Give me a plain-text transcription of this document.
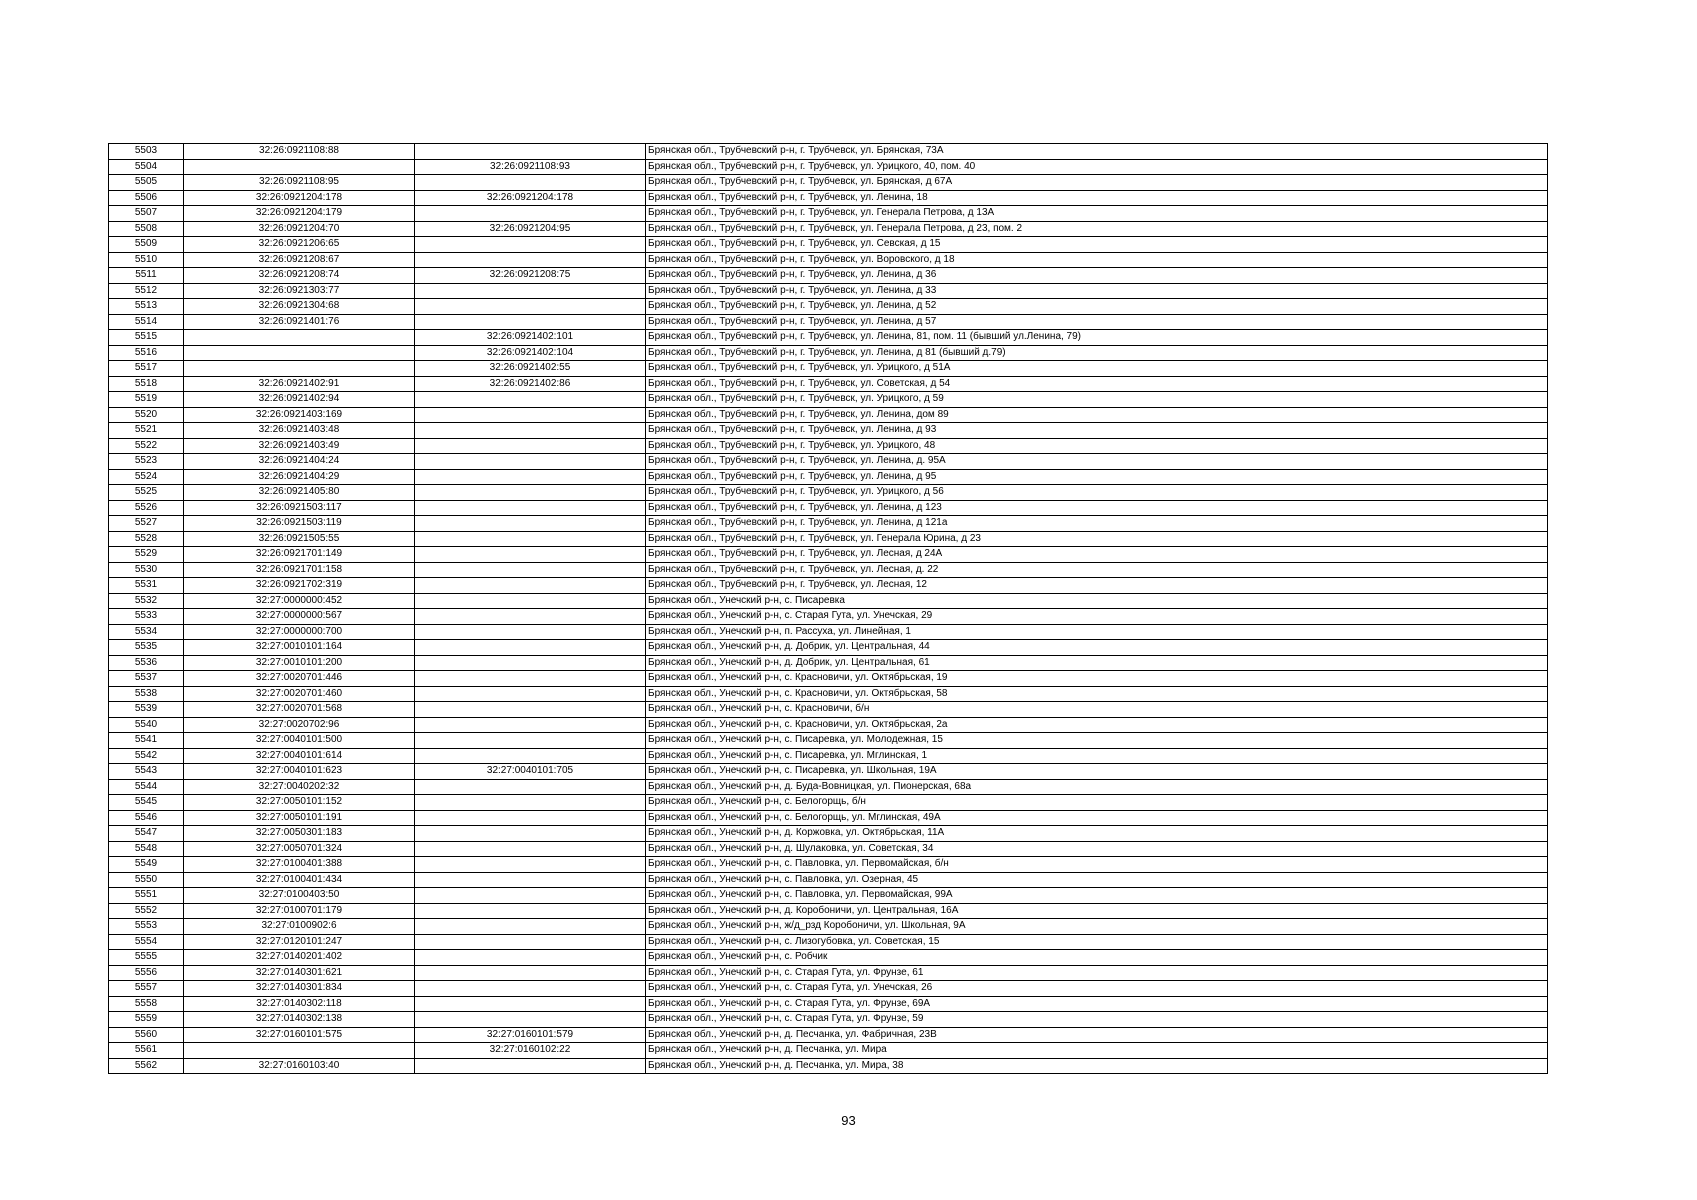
5503	32:26:0921108:88		Брянская обл., Трубчевский р-н, г. Трубчевск, ул. Брянская, 73А
5504		32:26:0921108:93	Брянская обл., Трубчевский р-н, г. Трубчевск, ул. Урицкого, 40, пом. 40
5505	32:26:0921108:95		Брянская обл., Трубчевский р-н, г. Трубчевск, ул. Брянская, д 67А
5506	32:26:0921204:178	32:26:0921204:178	Брянская обл., Трубчевский р-н, г. Трубчевск, ул. Ленина, 18
5507	32:26:0921204:179		Брянская обл., Трубчевский р-н, г. Трубчевск, ул. Генерала Петрова, д 13А
5508	32:26:0921204:70	32:26:0921204:95	Брянская обл., Трубчевский р-н, г. Трубчевск, ул. Генерала Петрова, д 23, пом. 2
5509	32:26:0921206:65		Брянская обл., Трубчевский р-н, г. Трубчевск, ул. Севская, д 15
5510	32:26:0921208:67		Брянская обл., Трубчевский р-н, г. Трубчевск, ул. Воровского, д 18
5511	32:26:0921208:74	32:26:0921208:75	Брянская обл., Трубчевский р-н, г. Трубчевск, ул. Ленина, д 36
5512	32:26:0921303:77		Брянская обл., Трубчевский р-н, г. Трубчевск, ул. Ленина, д 33
5513	32:26:0921304:68		Брянская обл., Трубчевский р-н, г. Трубчевск, ул. Ленина, д 52
5514	32:26:0921401:76		Брянская обл., Трубчевский р-н, г. Трубчевск, ул. Ленина, д 57
5515		32:26:0921402:101	Брянская обл., Трубчевский р-н, г. Трубчевск, ул. Ленина, 81, пом. 11 (бывший ул.Ленина, 79)
5516		32:26:0921402:104	Брянская обл., Трубчевский р-н, г. Трубчевск, ул. Ленина, д 81 (бывший д.79)
5517		32:26:0921402:55	Брянская обл., Трубчевский р-н, г. Трубчевск, ул. Урицкого, д 51А
5518	32:26:0921402:91	32:26:0921402:86	Брянская обл., Трубчевский р-н, г. Трубчевск, ул. Советская, д 54
5519	32:26:0921402:94		Брянская обл., Трубчевский р-н, г. Трубчевск, ул. Урицкого, д 59
5520	32:26:0921403:169		Брянская обл., Трубчевский р-н, г. Трубчевск, ул. Ленина, дом 89
5521	32:26:0921403:48		Брянская обл., Трубчевский р-н, г. Трубчевск, ул. Ленина, д 93
5522	32:26:0921403:49		Брянская обл., Трубчевский р-н, г. Трубчевск, ул. Урицкого, 48
5523	32:26:0921404:24		Брянская обл., Трубчевский р-н, г. Трубчевск, ул. Ленина, д. 95А
5524	32:26:0921404:29		Брянская обл., Трубчевский р-н, г. Трубчевск, ул. Ленина, д 95
5525	32:26:0921405:80		Брянская обл., Трубчевский р-н, г. Трубчевск, ул. Урицкого, д 56
5526	32:26:0921503:117		Брянская обл., Трубчевский р-н, г. Трубчевск, ул. Ленина, д 123
5527	32:26:0921503:119		Брянская обл., Трубчевский р-н, г. Трубчевск, ул. Ленина, д 121а
5528	32:26:0921505:55		Брянская обл., Трубчевский р-н, г. Трубчевск, ул. Генерала Юрина, д 23
5529	32:26:0921701:149		Брянская обл., Трубчевский р-н, г. Трубчевск, ул. Лесная, д 24А
5530	32:26:0921701:158		Брянская обл., Трубчевский р-н, г. Трубчевск, ул. Лесная, д. 22
5531	32:26:0921702:319		Брянская обл., Трубчевский р-н, г. Трубчевск, ул. Лесная, 12
5532	32:27:0000000:452		Брянская обл., Унечский р-н, с. Писаревка
5533	32:27:0000000:567		Брянская обл., Унечский р-н, с. Старая Гута, ул. Унечская, 29
5534	32:27:0000000:700		Брянская обл., Унечский р-н, п. Рассуха, ул. Линейная, 1
5535	32:27:0010101:164		Брянская обл., Унечский р-н, д. Добрик, ул. Центральная, 44
5536	32:27:0010101:200		Брянская обл., Унечский р-н, д. Добрик, ул. Центральная, 61
5537	32:27:0020701:446		Брянская обл., Унечский р-н, с. Красновичи, ул. Октябрьская, 19
5538	32:27:0020701:460		Брянская обл., Унечский р-н, с. Красновичи, ул. Октябрьская, 58
5539	32:27:0020701:568		Брянская обл., Унечский р-н, с. Красновичи, б/н
5540	32:27:0020702:96		Брянская обл., Унечский р-н, с. Красновичи, ул. Октябрьская, 2а
5541	32:27:0040101:500		Брянская обл., Унечский р-н, с. Писаревка, ул. Молодежная, 15
5542	32:27:0040101:614		Брянская обл., Унечский р-н, с. Писаревка, ул. Мглинская, 1
5543	32:27:0040101:623	32:27:0040101:705	Брянская обл., Унечский р-н, с. Писаревка, ул. Школьная, 19А
5544	32:27:0040202:32		Брянская обл., Унечский р-н, д. Буда-Вовницкая, ул. Пионерская, 68а
5545	32:27:0050101:152		Брянская обл., Унечский р-н, с. Белогорщь, б/н
5546	32:27:0050101:191		Брянская обл., Унечский р-н, с. Белогорщь, ул. Мглинская, 49А
5547	32:27:0050301:183		Брянская обл., Унечский р-н, д. Коржовка, ул. Октябрьская, 11А
5548	32:27:0050701:324		Брянская обл., Унечский р-н, д. Шулаковка, ул. Советская, 34
5549	32:27:0100401:388		Брянская обл., Унечский р-н, с. Павловка, ул. Первомайская, б/н
5550	32:27:0100401:434		Брянская обл., Унечский р-н, с. Павловка, ул. Озерная, 45
5551	32:27:0100403:50		Брянская обл., Унечский р-н, с. Павловка, ул. Первомайская, 99А
5552	32:27:0100701:179		Брянская обл., Унечский р-н, д. Коробоничи, ул. Центральная, 16А
5553	32:27:0100902:6		Брянская обл., Унечский р-н, ж/д_рзд Коробоничи, ул. Школьная, 9А
5554	32:27:0120101:247		Брянская обл., Унечский р-н, с. Лизогубовка, ул. Советская, 15
5555	32:27:0140201:402		Брянская обл., Унечский р-н, с. Робчик
5556	32:27:0140301:621		Брянская обл., Унечский р-н, с. Старая Гута, ул. Фрунзе, 61
5557	32:27:0140301:834		Брянская обл., Унечский р-н, с. Старая Гута, ул. Унечская, 26
5558	32:27:0140302:118		Брянская обл., Унечский р-н, с. Старая Гута, ул. Фрунзе, 69А
5559	32:27:0140302:138		Брянская обл., Унечский р-н, с. Старая Гута, ул. Фрунзе, 59
5560	32:27:0160101:575	32:27:0160101:579	Брянская обл., Унечский р-н, д. Песчанка, ул. Фабричная, 23В
5561		32:27:0160102:22	Брянская обл., Унечский р-н, д. Песчанка, ул. Мира
5562	32:27:0160103:40		Брянская обл., Унечский р-н, д. Песчанка, ул. Мира, 38
93
